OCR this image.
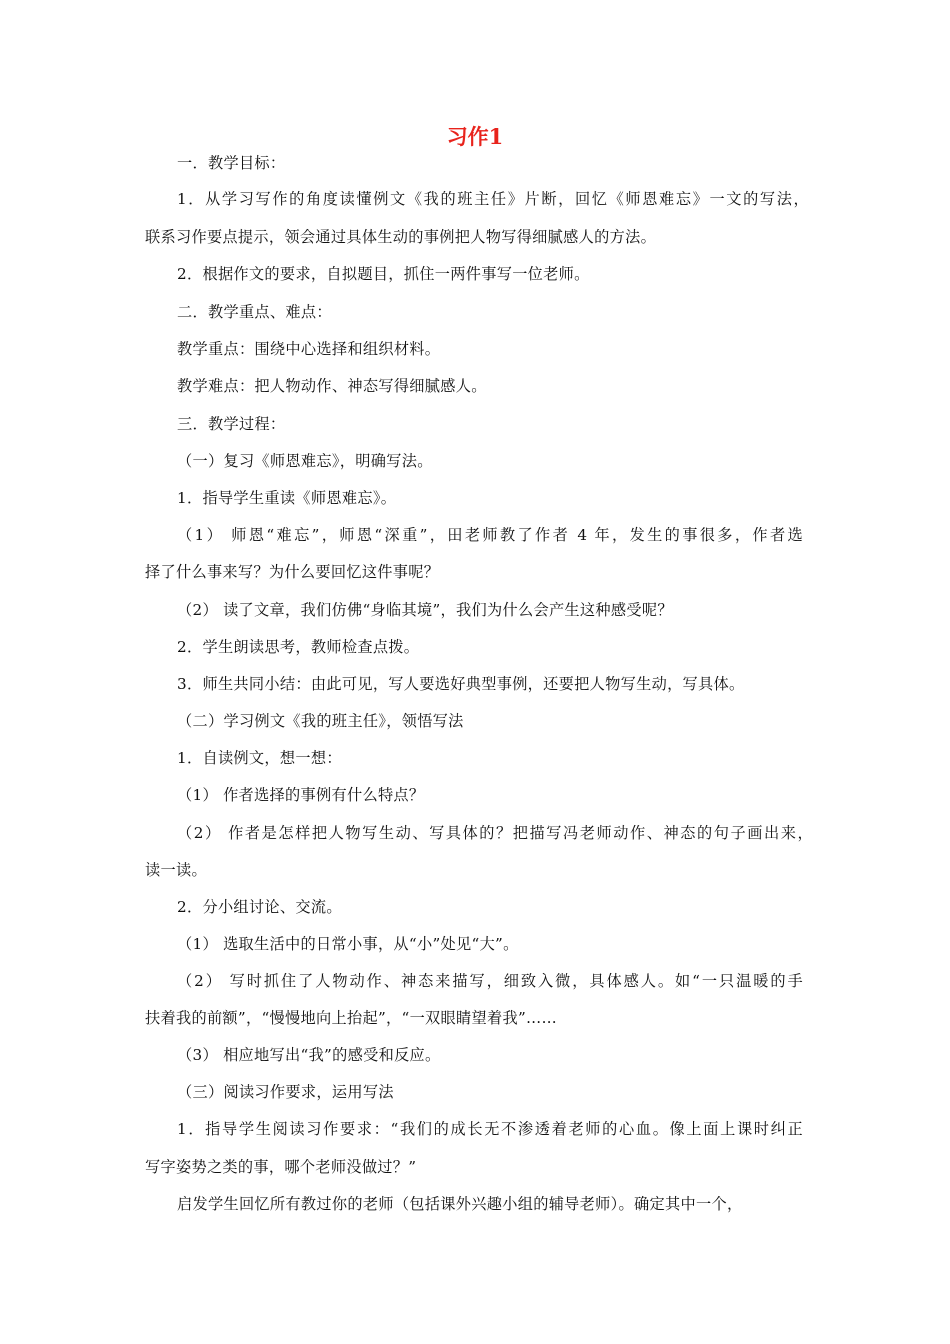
习作1
一．教学目标：
1．从学习写作的角度读懂例文《我的班主任》片断，回忆《师恩难忘》一文的写法，
联系习作要点提示，领会通过具体生动的事例把人物写得细腻感人的方法。
2．根据作文的要求，自拟题目，抓住一两件事写一位老师。
二．教学重点、难点：
教学重点：围绕中心选择和组织材料。
教学难点：把人物动作、神态写得细腻感人。
三．教学过程：
（一）复习《师恩难忘》，明确写法。
1．指导学生重读《师恩难忘》。
（1） 师恩“难忘”，师恩“深重”，田老师教了作者 4 年，发生的事很多，作者选
择了什么事来写？为什么要回忆这件事呢？
（2） 读了文章，我们仿佛“身临其境”，我们为什么会产生这种感受呢？
2．学生朗读思考，教师检查点拨。
3．师生共同小结：由此可见，写人要选好典型事例，还要把人物写生动，写具体。
（二）学习例文《我的班主任》，领悟写法
1．自读例文，想一想：
（1） 作者选择的事例有什么特点？
（2） 作者是怎样把人物写生动、写具体的？把描写冯老师动作、神态的句子画出来，
读一读。
2．分小组讨论、交流。
（1） 选取生活中的日常小事，从“小”处见“大”。
（2） 写时抓住了人物动作、神态来描写，细致入微，具体感人。如“一只温暖的手
扶着我的前额”，“慢慢地向上抬起”，“一双眼睛望着我”……
（3） 相应地写出“我”的感受和反应。
（三）阅读习作要求，运用写法
1．指导学生阅读习作要求：“我们的成长无不渗透着老师的心血。像上面上课时纠正
写字姿势之类的事，哪个老师没做过？”
启发学生回忆所有教过你的老师（包括课外兴趣小组的辅导老师）。确定其中一个，
